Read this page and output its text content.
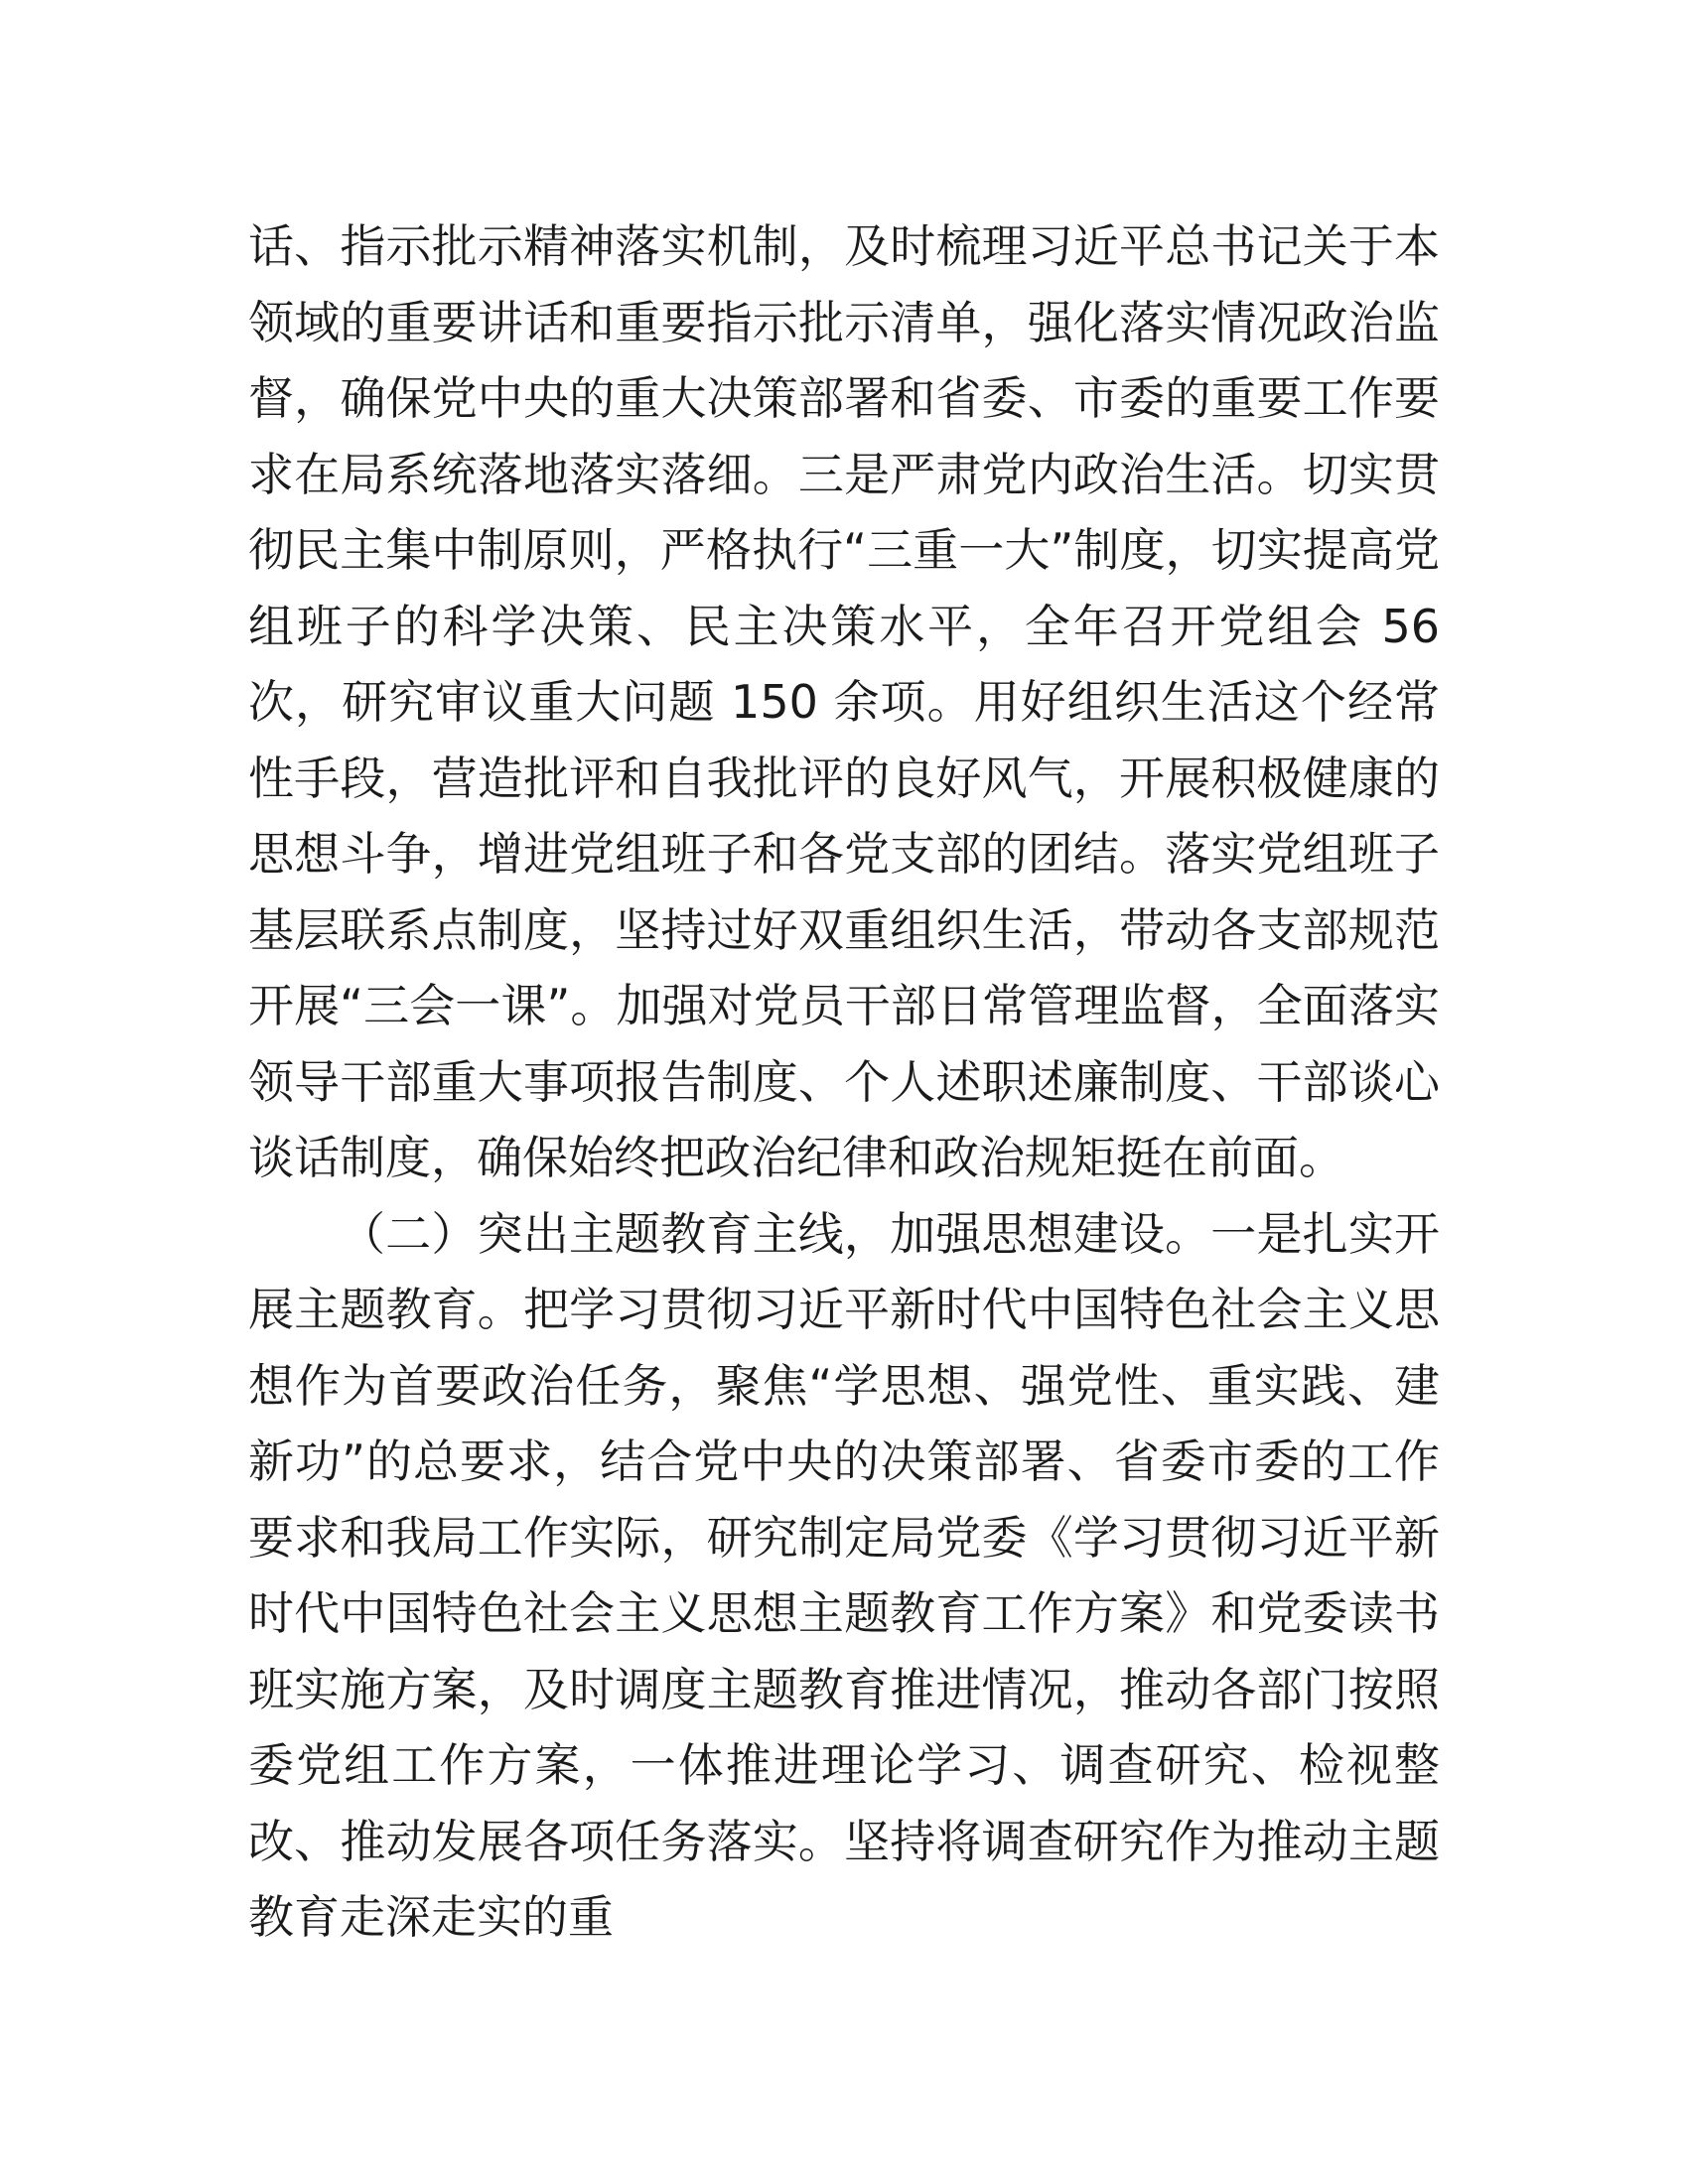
话、指示批示精神落实机制，及时梳理习近平总书记关于本领域的重要讲话和重要指示批示清单，强化落实情况政治监督，确保党中央的重大决策部署和省委、市委的重要工作要求在局系统落地落实落细。三是严肃党内政治生活。切实贯彻民主集中制原则，严格执行“三重一大”制度，切实提高党组班子的科学决策、民主决策水平，全年召开党组会 56 次，研究审议重大问题 150 余项。用好组织生活这个经常性手段，营造批评和自我批评的良好风气，开展积极健康的思想斗争，增进党组班子和各党支部的团结。落实党组班子基层联系点制度，坚持过好双重组织生活，带动各支部规范开展“三会一课”。加强对党员干部日常管理监督，全面落实领导干部重大事项报告制度、个人述职述廉制度、干部谈心谈话制度，确保始终把政治纪律和政治规矩挺在前面。

（二）突出主题教育主线，加强思想建设。一是扎实开展主题教育。把学习贯彻习近平新时代中国特色社会主义思想作为首要政治任务，聚焦“学思想、强党性、重实践、建新功”的总要求，结合党中央的决策部署、省委市委的工作要求和我局工作实际，研究制定局党委《学习贯彻习近平新时代中国特色社会主义思想主题教育工作方案》和党委读书班实施方案，及时调度主题教育推进情况，推动各部门按照委党组工作方案，一体推进理论学习、调查研究、检视整改、推动发展各项任务落实。坚持将调查研究作为推动主题教育走深走实的重
